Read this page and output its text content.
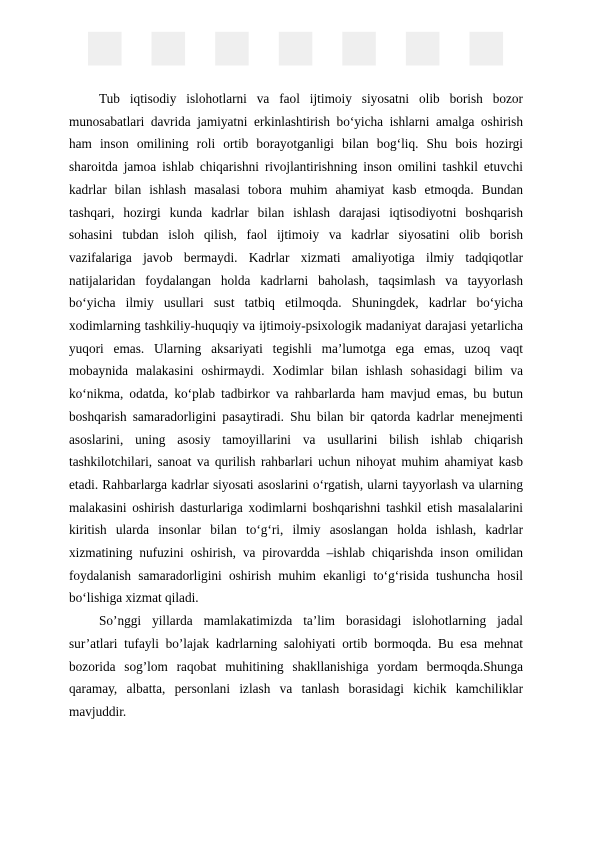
■ ■ ■ ■ ■ ■ ■

Tub iqtisodiy islohotlarni va faol ijtimoiy siyosatni olib borish bozor munosabatlari davrida jamiyatni erkinlashtirish bo‘yicha ishlarni amalga oshirish ham inson omilining roli ortib borayotganligi bilan bog‘liq. Shu bois hozirgi sharoitda jamoa ishlab chiqarishni rivojlantirishning inson omilini tashkil etuvchi kadrlar bilan ishlash masalasi tobora muhim ahamiyat kasb etmoqda. Bundan tashqari, hozirgi kunda kadrlar bilan ishlash darajasi iqtisodiyotni boshqarish sohasini tubdan isloh qilish, faol ijtimoiy va kadrlar siyosatini olib borish vazifalariga javob bermaydi. Kadrlar xizmati amaliyotiga ilmiy tadqiqotlar natijalaridan foydalangan holda kadrlarni baholash, taqsimlash va tayyorlash bo‘yicha ilmiy usullari sust tatbiq etilmoqda. Shuningdek, kadrlar bo‘yicha xodimlarning tashkiliy-huquqiy va ijtimoiy-psixologik madaniyat darajasi yetarlicha yuqori emas. Ularning aksariyati tegishli ma’lumotga ega emas, uzoq vaqt mobaynida malakasini oshirmaydi. Xodimlar bilan ishlash sohasidagi bilim va ko‘nikma, odatda, ko‘plab tadbirkor va rahbarlarda ham mavjud emas, bu butun boshqarish samaradorligini pasaytiradi. Shu bilan bir qatorda kadrlar menejmenti asoslarini, uning asosiy tamoyillarini va usullarini bilish ishlab chiqarish tashkilotchilari, sanoat va qurilish rahbarlari uchun nihoyat muhim ahamiyat kasb etadi. Rahbarlarga kadrlar siyosati asoslarini o‘rgatish, ularni tayyorlash va ularning malakasini oshirish dasturlariga xodimlarni boshqarishni tashkil etish masalalarini kiritish ularda insonlar bilan to‘g‘ri, ilmiy asoslangan holda ishlash, kadrlar xizmatining nufuzini oshirish, va pirovardda –ishlab chiqarishda inson omilidan foydalanish samaradorligini oshirish muhim ekanligi to‘g‘risida tushuncha hosil bo‘lishiga xizmat qiladi.

So’nggi yillarda mamlakatimizda ta’lim borasidagi islohotlarning jadal sur’atlari tufayli bo’lajak kadrlarning salohiyati ortib bormoqda. Bu esa mehnat bozorida sog’lom raqobat muhitining shakllanishiga yordam bermoqda.Shunga qaramay, albatta, personlani izlash va tanlash borasidagi kichik kamchiliklar mavjuddir.
